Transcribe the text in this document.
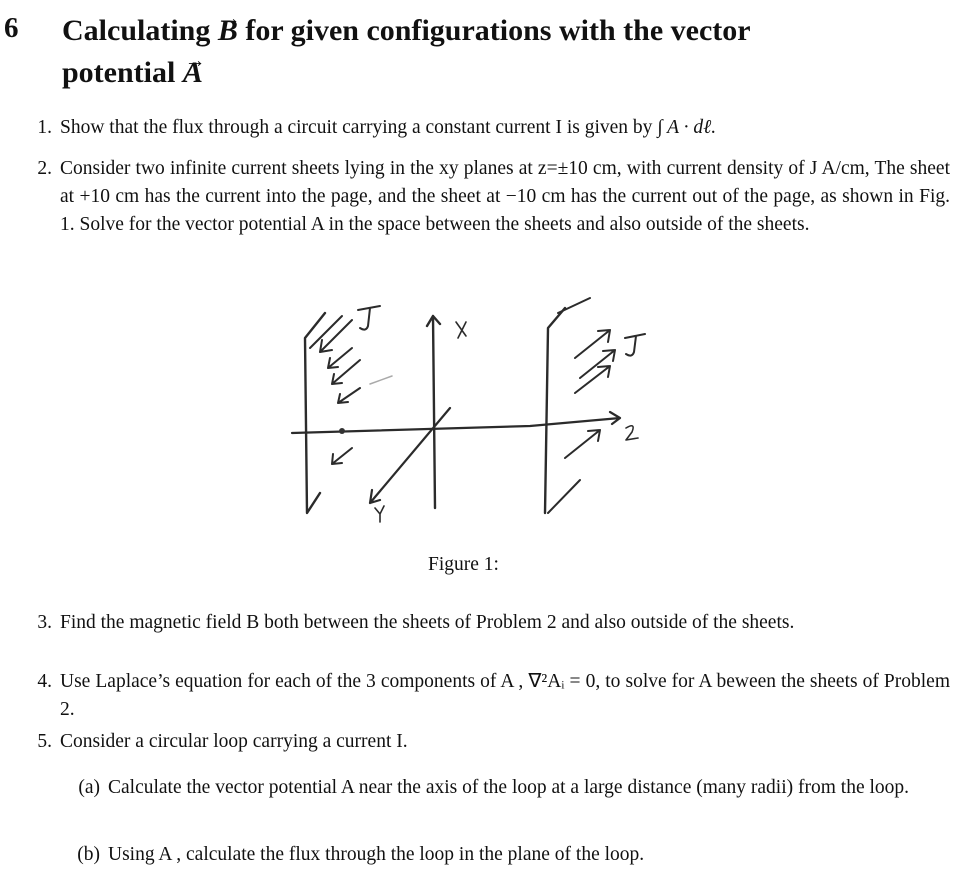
6 Calculating → B for given configurations with the vector
potential → A
1. Show that the flux through a circuit carrying a constant current I is given by ∫ A · dℓ.
2. Consider two infinite current sheets lying in the xy planes at z=±10 cm, with current density of J A/cm, The sheet at +10 cm has the current into the page, and the sheet at −10 cm has the current out of the page, as shown in Fig. 1. Solve for the vector potential A in the space between the sheets and also outside of the sheets.
Figure 1:
3. Find the magnetic field B both between the sheets of Problem 2 and also outside of the sheets.
4. Use Laplace’s equation for each of the 3 components of A , ∇²Aᵢ = 0, to solve for A beween the sheets of Problem 2.
5. Consider a circular loop carrying a current I.
(a) Calculate the vector potential A near the axis of the loop at a large distance (many radii) from the loop.
(b) Using A , calculate the flux through the loop in the plane of the loop.
